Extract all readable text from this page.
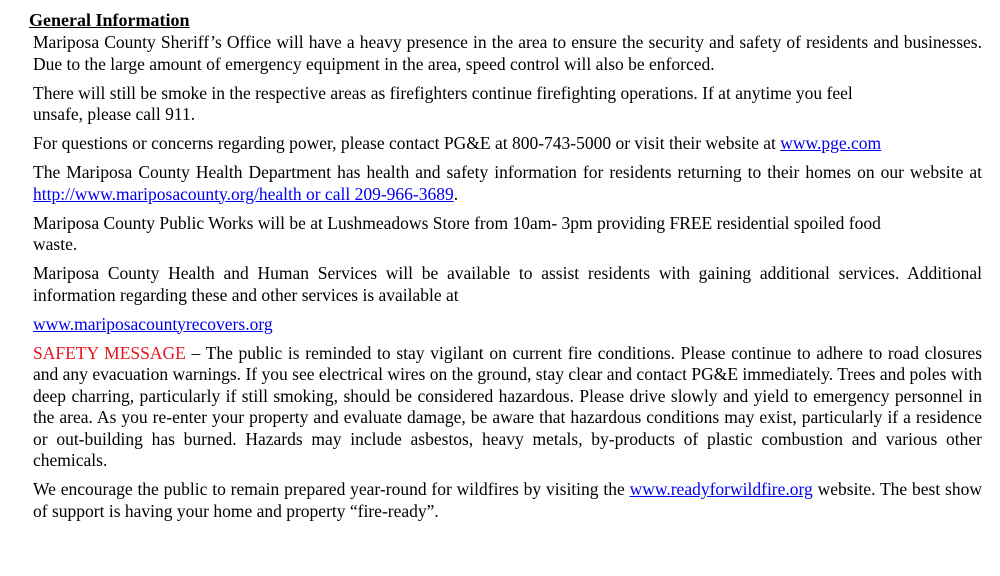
General Information

Mariposa County Sheriff’s Office will have a heavy presence in the area to ensure the security and safety of residents and businesses. Due to the large amount of emergency equipment in the area, speed control will also be enforced.

There will still be smoke in the respective areas as firefighters continue firefighting operations. If at anytime you feel
unsafe, please call 911.

For questions or concerns regarding power, please contact PG&E at 800-743-5000 or visit their website at www.pge.com

The Mariposa County Health Department has health and safety information for residents returning to their homes on our website at http://www.mariposacounty.org/health or call 209-966-3689.

Mariposa County Public Works will be at Lushmeadows Store from 10am- 3pm providing FREE residential spoiled food
waste.

Mariposa County Health and Human Services will be available to assist residents with gaining additional services. Additional information regarding these and other services is available at

www.mariposacountyrecovers.org

SAFETY MESSAGE – The public is reminded to stay vigilant on current fire conditions. Please continue to adhere to road closures and any evacuation warnings. If you see electrical wires on the ground, stay clear and contact PG&E immediately. Trees and poles with deep charring, particularly if still smoking, should be considered hazardous. Please drive slowly and yield to emergency personnel in the area. As you re-enter your property and evaluate damage, be aware that hazardous conditions may exist, particularly if a residence or out-building has burned. Hazards may include asbestos, heavy metals, by-products of plastic combustion and various other chemicals.

We encourage the public to remain prepared year-round for wildfires by visiting the www.readyforwildfire.org website. The best show of support is having your home and property “fire-ready”.
